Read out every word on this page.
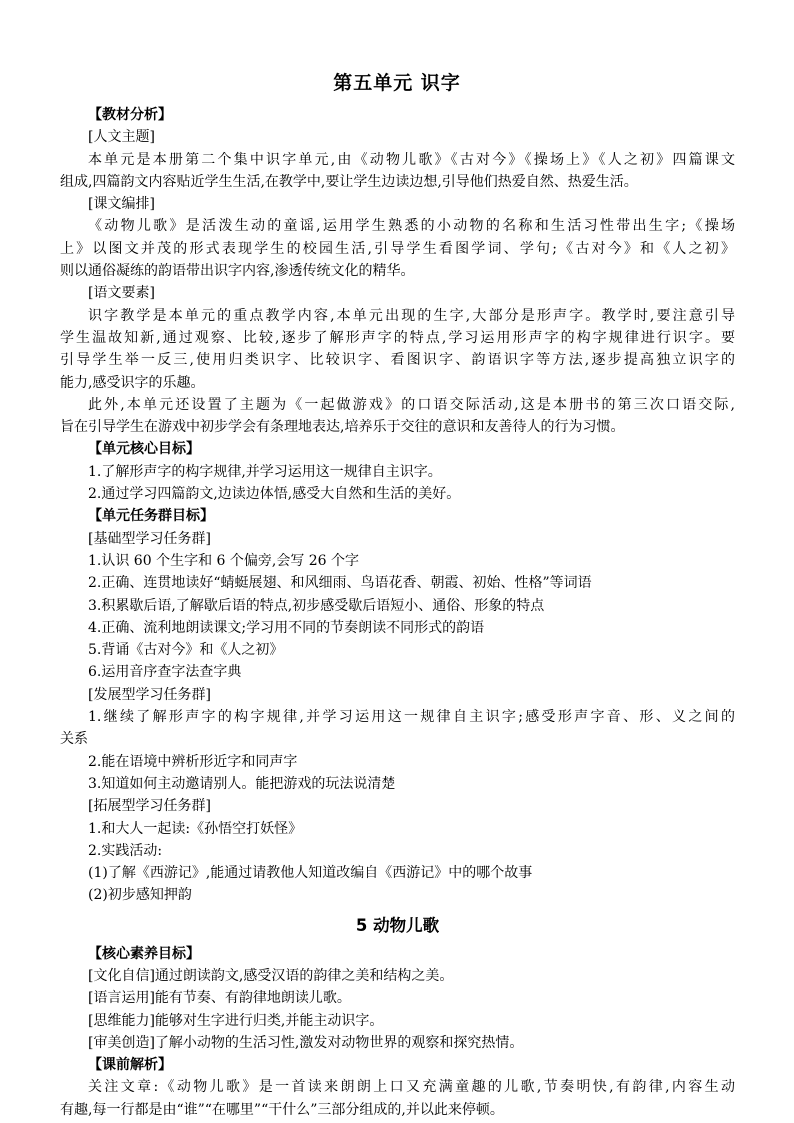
第五单元 识字
【教材分析】
[人文主题]
本单元是本册第二个集中识字单元,由《动物儿歌》《古对今》《操场上》《人之初》四篇课文
组成,四篇韵文内容贴近学生生活,在教学中,要让学生边读边想,引导他们热爱自然、热爱生活。
[课文编排]
《动物儿歌》是活泼生动的童谣,运用学生熟悉的小动物的名称和生活习性带出生字;《操场
上》以图文并茂的形式表现学生的校园生活,引导学生看图学词、学句;《古对今》和《人之初》
则以通俗凝练的韵语带出识字内容,渗透传统文化的精华。
[语文要素]
识字教学是本单元的重点教学内容,本单元出现的生字,大部分是形声字。教学时,要注意引导
学生温故知新,通过观察、比较,逐步了解形声字的特点,学习运用形声字的构字规律进行识字。要
引导学生举一反三,使用归类识字、比较识字、看图识字、韵语识字等方法,逐步提高独立识字的
能力,感受识字的乐趣。
此外,本单元还设置了主题为《一起做游戏》的口语交际活动,这是本册书的第三次口语交际,
旨在引导学生在游戏中初步学会有条理地表达,培养乐于交往的意识和友善待人的行为习惯。
【单元核心目标】
1.了解形声字的构字规律,并学习运用这一规律自主识字。
2.通过学习四篇韵文,边读边体悟,感受大自然和生活的美好。
【单元任务群目标】
[基础型学习任务群]
1.认识 60 个生字和 6 个偏旁,会写 26 个字
2.正确、连贯地读好“蜻蜓展翅、和风细雨、鸟语花香、朝霞、初始、性格”等词语
3.积累歇后语,了解歇后语的特点,初步感受歇后语短小、通俗、形象的特点
4.正确、流利地朗读课文;学习用不同的节奏朗读不同形式的韵语
5.背诵《古对今》和《人之初》
6.运用音序查字法查字典
[发展型学习任务群]
1.继续了解形声字的构字规律,并学习运用这一规律自主识字;感受形声字音、形、义之间的
关系
2.能在语境中辨析形近字和同声字
3.知道如何主动邀请别人。能把游戏的玩法说清楚
[拓展型学习任务群]
1.和大人一起读:《孙悟空打妖怪》
2.实践活动:
(1)了解《西游记》,能通过请教他人知道改编自《西游记》中的哪个故事
(2)初步感知押韵
5 动物儿歌
【核心素养目标】
[文化自信]通过朗读韵文,感受汉语的韵律之美和结构之美。
[语言运用]能有节奏、有韵律地朗读儿歌。
[思维能力]能够对生字进行归类,并能主动识字。
[审美创造]了解小动物的生活习性,激发对动物世界的观察和探究热情。
【课前解析】
关注文章:《动物儿歌》是一首读来朗朗上口又充满童趣的儿歌,节奏明快,有韵律,内容生动
有趣,每一行都是由“谁”“在哪里”“干什么”三部分组成的,并以此来停顿。
